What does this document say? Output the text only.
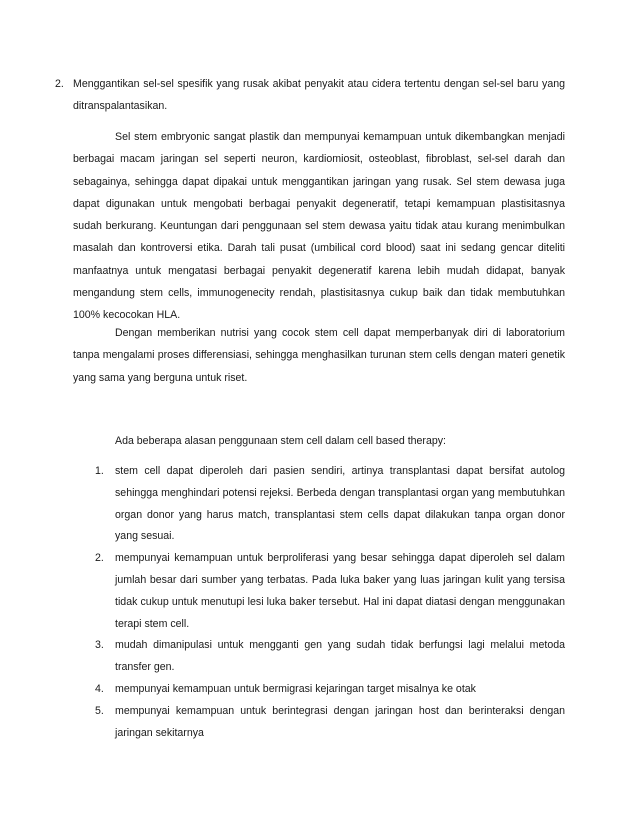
2. Menggantikan sel-sel spesifik yang rusak akibat penyakit atau cidera tertentu dengan sel-sel baru yang ditranspalantasikan.

Sel stem embryonic sangat plastik dan mempunyai kemampuan untuk dikembangkan menjadi berbagai macam jaringan sel seperti neuron, kardiomiosit, osteoblast, fibroblast, sel-sel darah dan sebagainya, sehingga dapat dipakai untuk menggantikan jaringan yang rusak. Sel stem dewasa juga dapat digunakan untuk mengobati berbagai penyakit degeneratif, tetapi kemampuan plastisitasnya sudah berkurang. Keuntungan dari penggunaan sel stem dewasa yaitu tidak atau kurang menimbulkan masalah dan kontroversi etika. Darah tali pusat (umbilical cord blood) saat ini sedang gencar diteliti manfaatnya untuk mengatasi berbagai penyakit degeneratif karena lebih mudah didapat, banyak mengandung stem cells, immunogenecity rendah, plastisitasnya cukup baik dan tidak membutuhkan 100% kecocokan HLA.

Dengan memberikan nutrisi yang cocok stem cell dapat memperbanyak diri di laboratorium tanpa mengalami proses differensiasi, sehingga menghasilkan turunan stem cells dengan materi genetik yang sama yang berguna untuk riset.

Ada beberapa alasan penggunaan stem cell dalam cell based therapy:

1. stem cell dapat diperoleh dari pasien sendiri, artinya transplantasi dapat bersifat autolog sehingga menghindari potensi rejeksi. Berbeda dengan transplantasi organ yang membutuhkan organ donor yang harus match, transplantasi stem cells dapat dilakukan tanpa organ donor yang sesuai.
2. mempunyai kemampuan untuk berproliferasi yang besar sehingga dapat diperoleh sel dalam jumlah besar dari sumber yang terbatas. Pada luka baker yang luas jaringan kulit yang tersisa tidak cukup untuk menutupi lesi luka baker tersebut. Hal ini dapat diatasi dengan menggunakan terapi stem cell.
3. mudah dimanipulasi untuk mengganti gen yang sudah tidak berfungsi lagi melalui metoda transfer gen.
4. mempunyai kemampuan untuk bermigrasi kejaringan target misalnya ke otak
5. mempunyai kemampuan untuk berintegrasi dengan jaringan host dan berinteraksi dengan jaringan sekitarnya
